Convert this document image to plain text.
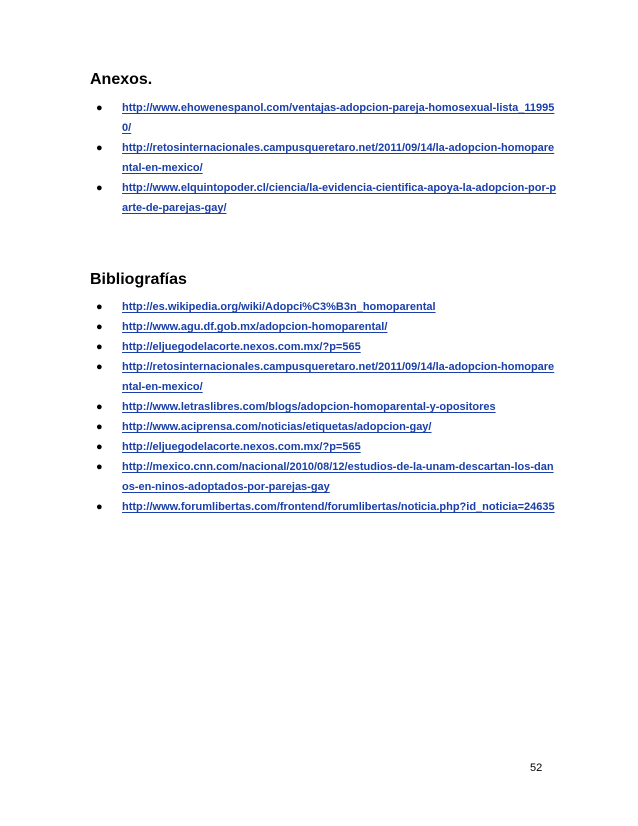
Anexos.
● http://www.ehowenespanol.com/ventajas-adopcion-pareja-homosexual-lista_119950/
● http://retosinternacionales.campusqueretaro.net/2011/09/14/la-adopcion-homoparental-en-mexico/
● http://www.elquintopoder.cl/ciencia/la-evidencia-cientifica-apoya-la-adopcion-por-parte-de-parejas-gay/
Bibliografías
● http://es.wikipedia.org/wiki/Adopci%C3%B3n_homoparental
● http://www.agu.df.gob.mx/adopcion-homoparental/
● http://eljuegodelacorte.nexos.com.mx/?p=565
● http://retosinternacionales.campusqueretaro.net/2011/09/14/la-adopcion-homoparental-en-mexico/
● http://www.letraslibres.com/blogs/adopcion-homoparental-y-opositores
● http://www.aciprensa.com/noticias/etiquetas/adopcion-gay/
● http://eljuegodelacorte.nexos.com.mx/?p=565
● http://mexico.cnn.com/nacional/2010/08/12/estudios-de-la-unam-descartan-los-danos-en-ninos-adoptados-por-parejas-gay
● http://www.forumlibertas.com/frontend/forumlibertas/noticia.php?id_noticia=24635
52
